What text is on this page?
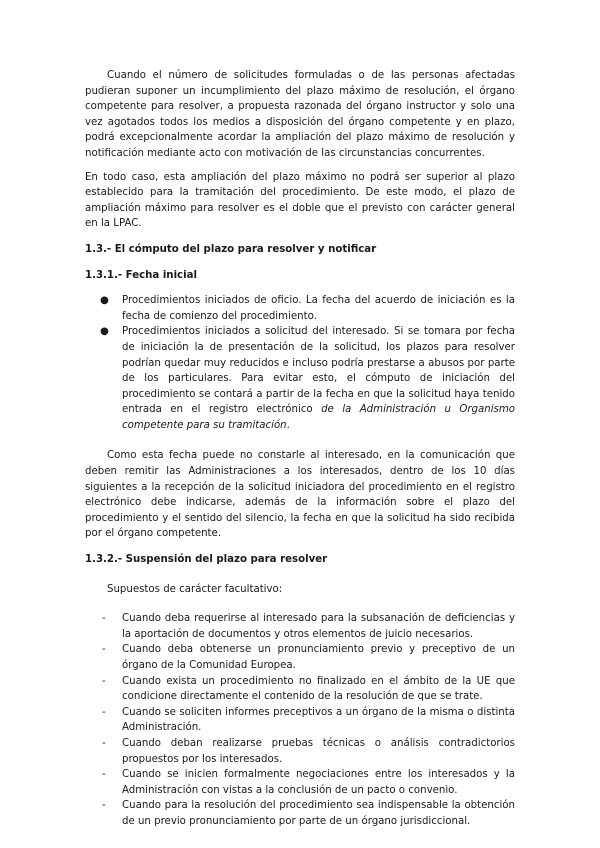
Cuando el número de solicitudes formuladas o de las personas afectadas pudieran suponer un incumplimiento del plazo máximo de resolución, el órgano competente para resolver, a propuesta razonada del órgano instructor y solo una vez agotados todos los medios a disposición del órgano competente y en plazo, podrá excepcionalmente acordar la ampliación del plazo máximo de resolución y notificación mediante acto con motivación de las circunstancias concurrentes.

En todo caso, esta ampliación del plazo máximo no podrá ser superior al plazo establecido para la tramitación del procedimiento. De este modo, el plazo de ampliación máximo para resolver es el doble que el previsto con carácter general en la LPAC.

1.3.- El cómputo del plazo para resolver y notificar
1.3.1.- Fecha inicial
● Procedimientos iniciados de oficio. La fecha del acuerdo de iniciación es la fecha de comienzo del procedimiento.
● Procedimientos iniciados a solicitud del interesado. Si se tomara por fecha de iniciación la de presentación de la solicitud, los plazos para resolver podrían quedar muy reducidos e incluso podría prestarse a abusos por parte de los particulares. Para evitar esto, el cómputo de iniciación del procedimiento se contará a partir de la fecha en que la solicitud haya tenido entrada en el registro electrónico de la Administración u Organismo competente para su tramitación.

Como esta fecha puede no constarle al interesado, en la comunicación que deben remitir las Administraciones a los interesados, dentro de los 10 días siguientes a la recepción de la solicitud iniciadora del procedimiento en el registro electrónico debe indicarse, además de la información sobre el plazo del procedimiento y el sentido del silencio, la fecha en que la solicitud ha sido recibida por el órgano competente.

1.3.2.- Suspensión del plazo para resolver

Supuestos de carácter facultativo:

- Cuando deba requerirse al interesado para la subsanación de deficiencias y la aportación de documentos y otros elementos de juicio necesarios.
- Cuando deba obtenerse un pronunciamiento previo y preceptivo de un órgano de la Comunidad Europea.
- Cuando exista un procedimiento no finalizado en el ámbito de la UE que condicione directamente el contenido de la resolución de que se trate.
- Cuando se soliciten informes preceptivos a un órgano de la misma o distinta Administración.
- Cuando deban realizarse pruebas técnicas o análisis contradictorios propuestos por los interesados.
- Cuando se inicien formalmente negociaciones entre los interesados y la Administración con vistas a la conclusión de un pacto o convenio.
- Cuando para la resolución del procedimiento sea indispensable la obtención de un previo pronunciamiento por parte de un órgano jurisdiccional.
